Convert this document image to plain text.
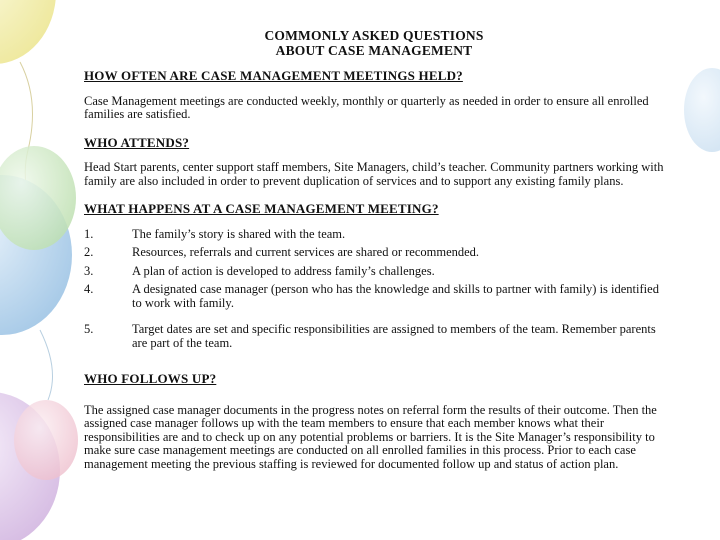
COMMONLY ASKED QUESTIONS
ABOUT CASE MANAGEMENT

HOW OFTEN ARE CASE MANAGEMENT MEETINGS HELD?

Case Management meetings are conducted weekly, monthly or quarterly as needed in order to ensure all enrolled families are satisfied.

WHO ATTENDS?

Head Start parents, center support staff members, Site Managers, child’s teacher. Community partners working with family are also included in order to prevent duplication of services and to support any existing family plans.

WHAT HAPPENS AT A CASE MANAGEMENT MEETING?

1.	The family’s story is shared with the team.
2.	Resources, referrals and current services are shared or recommended.
3.	A plan of action is developed to address family’s challenges.
4.	A designated case manager (person who has the knowledge and skills to partner with family) is identified to work with family.
5.	Target dates are set and specific responsibilities are assigned to members of the team. Remember parents are part of the team.

WHO FOLLOWS UP?

The assigned case manager documents in the progress notes on referral form the results of their outcome. Then the assigned case manager follows up with the team members to ensure that each member knows what their responsibilities are and to check up on any potential problems or barriers. It is the Site Manager’s responsibility to make sure case management meetings are conducted on all enrolled families in this process. Prior to each case management meeting the previous staffing is reviewed for documented follow up and status of action plan.
